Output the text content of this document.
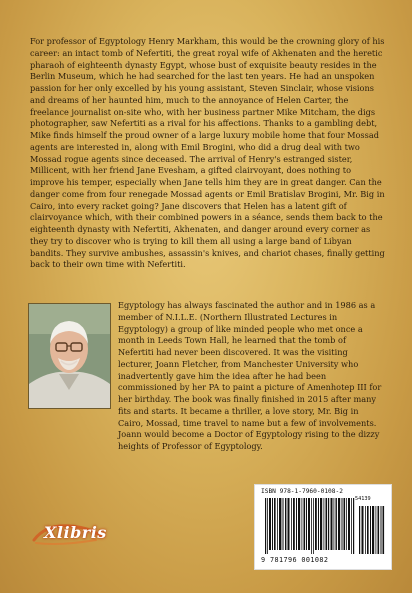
For professor of Egyptology Henry Markham, this would be the crowning glory of his career: an intact tomb of Nefertiti, the great royal wife of Akhenaten and the heretic pharaoh of eighteenth dynasty Egypt, whose bust of exquisite beauty resides in the Berlin Museum, which he had searched for the last ten years. He had an unspoken passion for her only excelled by his young assistant, Steven Sinclair, whose visions and dreams of her haunted him, much to the annoyance of Helen Carter, the freelance journalist on-site who, with her business partner Mike Mitcham, the digs photographer, saw Nefertiti as a rival for his affections. Thanks to a gambling debt, Mike finds himself the proud owner of a large luxury mobile home that four Mossad agents are interested in, along with Emil Brogini, who did a drug deal with two Mossad rogue agents since deceased. The arrival of Henry's estranged sister, Millicent, with her friend Jane Evesham, a gifted clairvoyant, does nothing to improve his temper, especially when Jane tells him they are in great danger. Can the danger come from four renegade Mossad agents or Emil Bratislav Brogini, Mr. Big in Cairo, into every racket going? Jane discovers that Helen has a latent gift of clairvoyance which, with their combined powers in a séance, sends them back to the eighteenth dynasty with Nefertiti, Akhenaten, and danger around every corner as they try to discover who is trying to kill them all using a large band of Libyan bandits. They survive ambushes, assassin's knives, and chariot chases, finally getting back to their own time with Nefertiti.

Egyptology has always fascinated the author and in 1986 as a member of N.I.L.E. (Northern Illustrated Lectures in Egyptology) a group of like minded people who met once a month in Leeds Town Hall, he learned that the tomb of Nefertiti had never been discovered. It was the visiting lecturer, Joann Fletcher, from Manchester University who inadvertently gave him the idea after he had been commissioned by her PA to paint a picture of Amenhotep III for her birthday. The book was finally finished in 2015 after many fits and starts. It became a thriller, a love story, Mr. Big in Cairo, Mossad, time travel to name but a few of involvements. Joann would become a Doctor of Egyptology rising to the dizzy heights of Professor of Egyptology.

Xlibris
ISBN 978-1-7960-0108-2
54139
9 781796 001082
